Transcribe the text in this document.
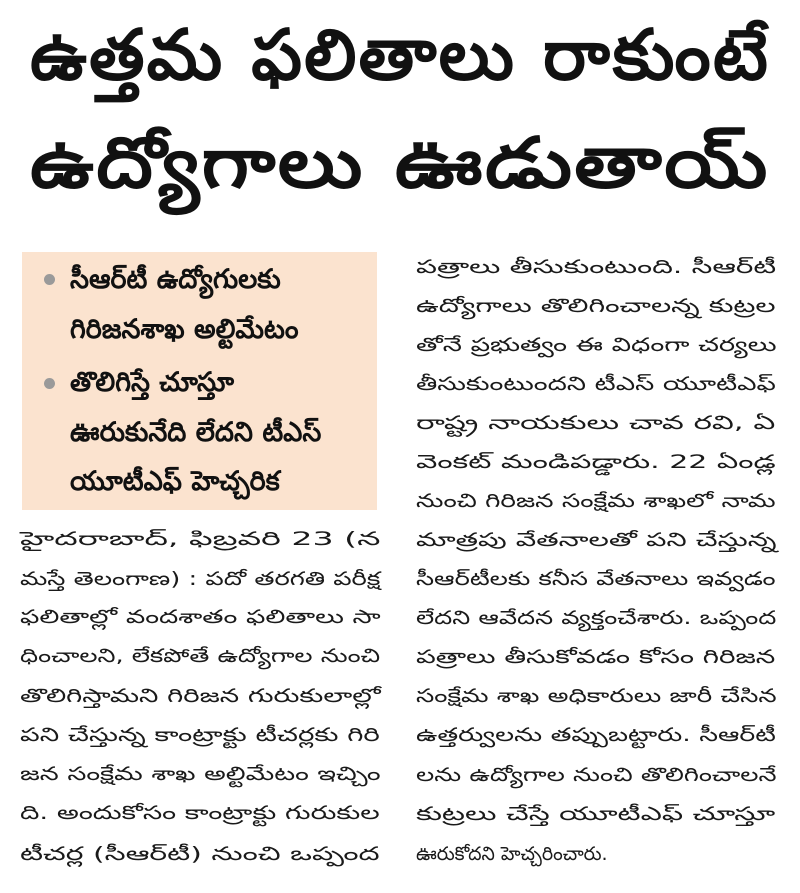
ఉత్తమ ఫలితాలు రాకుంటే
ఉద్యోగాలు ఊడుతాయ్
సీఆర్‌టీ ఉద్యోగులకు
గిరిజనశాఖ అల్టిమేటం
తొలిగిస్తే చూస్తూ
ఊరుకునేది లేదని టీఎస్
యూటీఎఫ్ హెచ్చరిక
హైదరాబాద్, ఫిబ్రవరి 23 (న
మస్తే తెలంగాణ) : పదో తరగతి పరీక్ష
ఫలితాల్లో వందశాతం ఫలితాలు సా
ధించాలని, లేకపోతే ఉద్యోగాల నుంచి
తొలిగిస్తామని గిరిజన గురుకులాల్లో
పని చేస్తున్న కాంట్రాక్టు టీచర్లకు గిరి
జన సంక్షేమ శాఖ అల్టిమేటం ఇచ్చిం
ది. అందుకోసం కాంట్రాక్టు గురుకుల
టీచర్ల (సీఆర్‌టీ) నుంచి ఒప్పంద
పత్రాలు తీసుకుంటుంది. సీఆర్‌టీ
ఉద్యోగాలు తొలిగించాలన్న కుట్రల
తోనే ప్రభుత్వం ఈ విధంగా చర్యలు
తీసుకుంటుందని టీఎస్ యూటీఎఫ్
రాష్ట్ర నాయకులు చావ రవి, ఏ
వెంకట్ మండిపడ్డారు. 22 ఏండ్ల
నుంచి గిరిజన సంక్షేమ శాఖలో నామ
మాత్రపు వేతనాలతో పని చేస్తున్న
సీఆర్‌టీలకు కనీస వేతనాలు ఇవ్వడం
లేదని ఆవేదన వ్యక్తంచేశారు. ఒప్పంద
పత్రాలు తీసుకోవడం కోసం గిరిజన
సంక్షేమ శాఖ అధికారులు జారీ చేసిన
ఉత్తర్వులను తప్పుబట్టారు. సీఆర్‌టీ
లను ఉద్యోగాల నుంచి తొలిగించాలనే
కుట్రలు చేస్తే యూటీఎఫ్ చూస్తూ
ఊరుకోదని హెచ్చరించారు.
